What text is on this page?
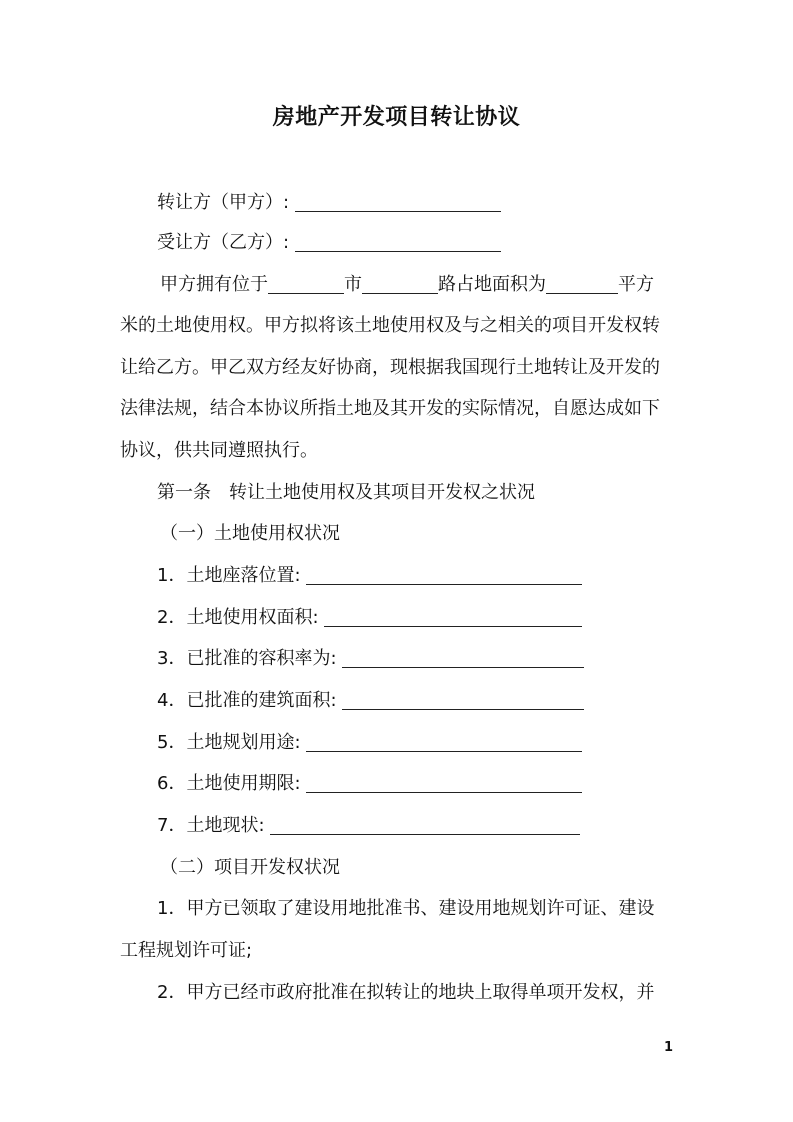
房地产开发项目转让协议
转让方（甲方）:
受让方（乙方）:
甲方拥有位于	市	路占地面积为	平方
米的土地使用权。甲方拟将该土地使用权及与之相关的项目开发权转
让给乙方。甲乙双方经友好协商，现根据我国现行土地转让及开发的
法律法规，结合本协议所指土地及其开发的实际情况，自愿达成如下
协议，供共同遵照执行。
第一条　转让土地使用权及其项目开发权之状况
（一）土地使用权状况
1．土地座落位置:
2．土地使用权面积:
3．已批准的容积率为:
4．已批准的建筑面积:
5．土地规划用途:
6．土地使用期限:
7．土地现状:
（二）项目开发权状况
1．甲方已领取了建设用地批准书、建设用地规划许可证、建设
工程规划许可证;
2．甲方已经市政府批准在拟转让的地块上取得单项开发权，并
1
